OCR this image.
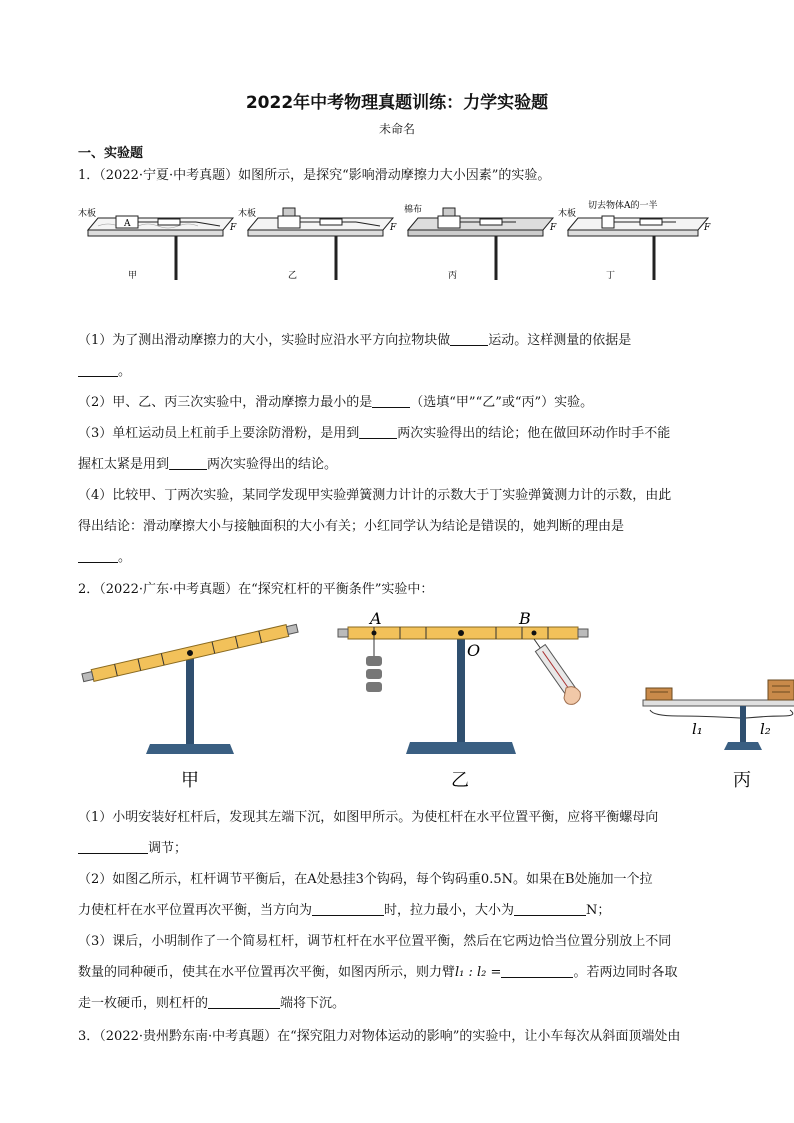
2022年中考物理真题训练：力学实验题
未命名
一、实验题
1．（2022·宁夏·中考真题）如图所示，是探究“影响滑动摩擦力大小因素”的实验。
A
木板
F
甲
木板
F
乙
棉布
F
丙
木板
切去物体A的一半
F
丁
（1）为了测出滑动摩擦力的大小，实验时应沿水平方向拉物块做	运动。这样测量的依据是
。
（2）甲、乙、丙三次实验中，滑动摩擦力最小的是	（选填“甲”“乙”或“丙”）实验。
（3）单杠运动员上杠前手上要涂防滑粉，是用到	两次实验得出的结论；他在做回环动作时手不能
握杠太紧是用到	两次实验得出的结论。
（4）比较甲、丁两次实验，某同学发现甲实验弹簧测力计计的示数大于丁实验弹簧测力计的示数，由此
得出结论：滑动摩擦大小与接触面积的大小有关；小红同学认为结论是错误的，她判断的理由是
。
2．（2022·广东·中考真题）在“探究杠杆的平衡条件”实验中：
甲
A	B
O
乙
l₁	l₂
丙
（1）小明安装好杠杆后，发现其左端下沉，如图甲所示。为使杠杆在水平位置平衡，应将平衡螺母向
调节；
（2）如图乙所示，杠杆调节平衡后，在A处悬挂3个钩码，每个钩码重0.5N。如果在B处施加一个拉
力使杠杆在水平位置再次平衡，当方向为	时，拉力最小，大小为	N；
（3）课后，小明制作了一个简易杠杆，调节杠杆在水平位置平衡，然后在它两边恰当位置分别放上不同
数量的同种硬币，使其在水平位置再次平衡，如图丙所示，则力臂l₁ : l₂ =	。若两边同时各取
走一枚硬币，则杠杆的	端将下沉。
3．（2022·贵州黔东南·中考真题）在“探究阻力对物体运动的影响”的实验中，让小车每次从斜面顶端处由
